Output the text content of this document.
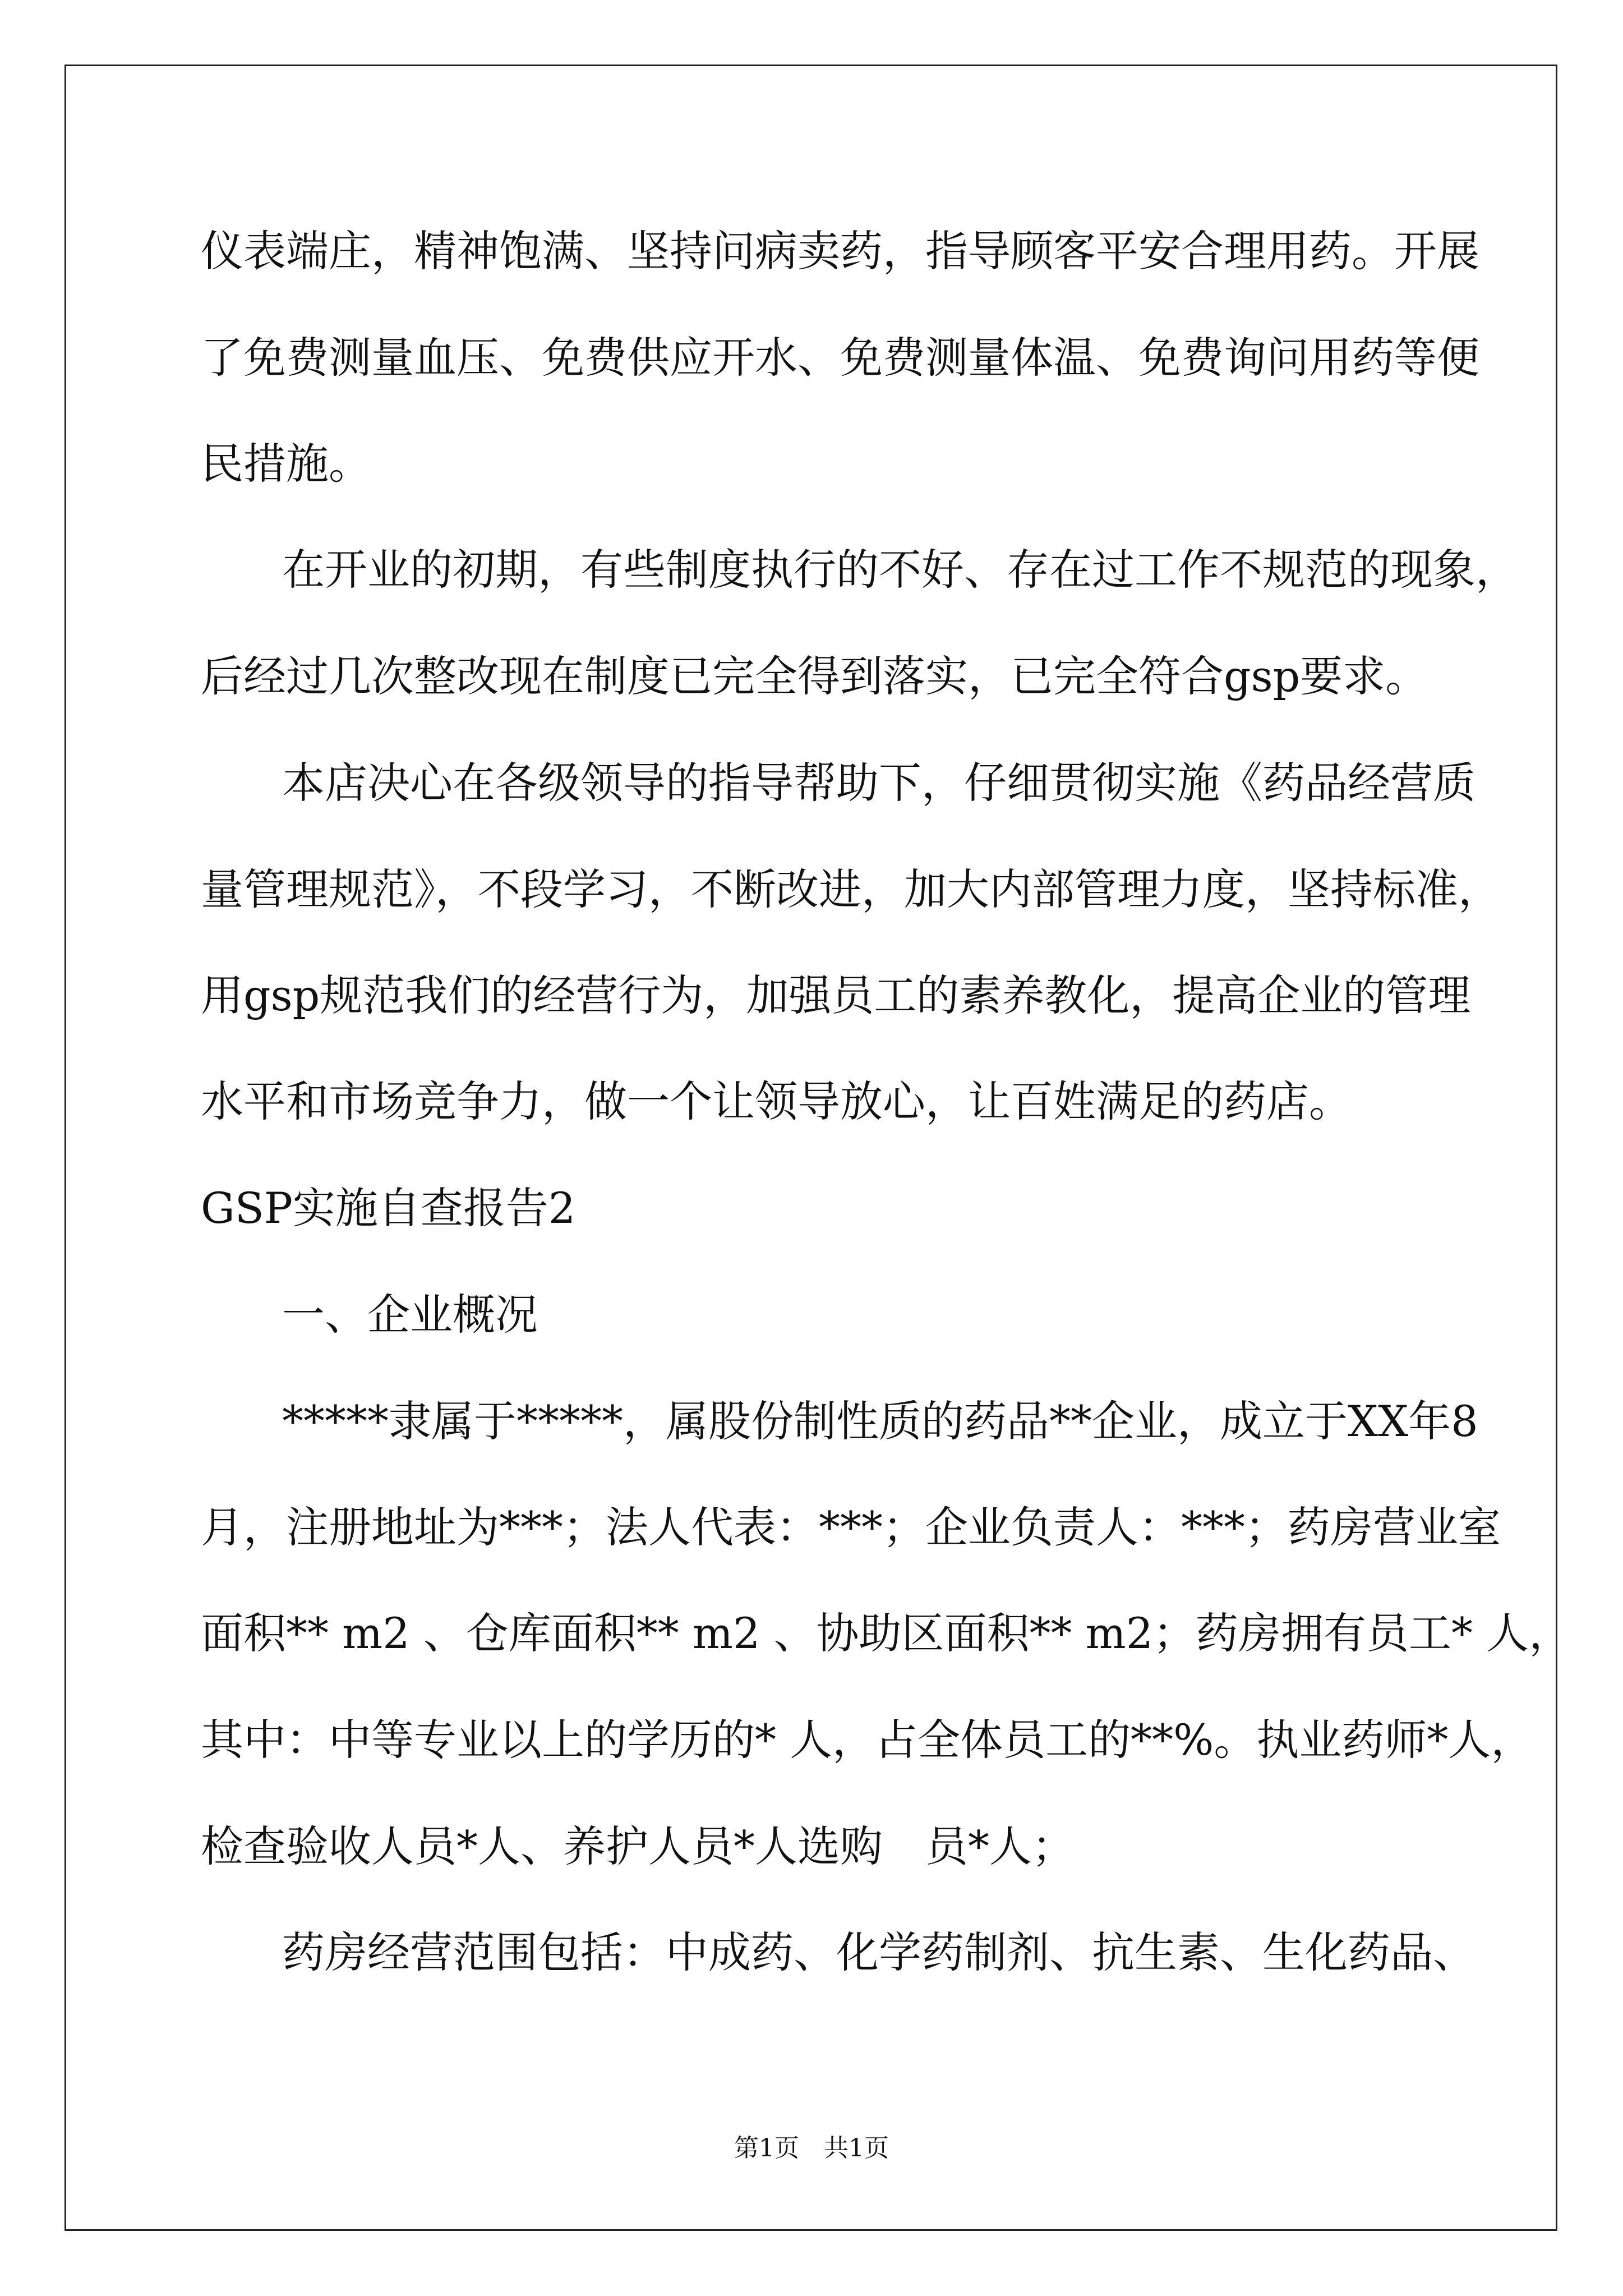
仪表端庄，精神饱满、坚持问病卖药，指导顾客平安合理用药。开展
了免费测量血压、免费供应开水、免费测量体温、免费询问用药等便
民措施。
在开业的初期，有些制度执行的不好、存在过工作不规范的现象，
后经过几次整改现在制度已完全得到落实，已完全符合gsp要求。
本店决心在各级领导的指导帮助下，仔细贯彻实施《药品经营质
量管理规范》，不段学习，不断改进，加大内部管理力度，坚持标准，
用gsp规范我们的经营行为，加强员工的素养教化，提高企业的管理
水平和市场竞争力，做一个让领导放心，让百姓满足的药店。
GSP实施自查报告2
一、企业概况
*****隶属于*****，属股份制性质的药品**企业，成立于XX年8
月，注册地址为***；法人代表：***；企业负责人：***；药房营业室
面积** m2 、仓库面积** m2 、协助区面积** m2；药房拥有员工* 人，
其中：中等专业以上的学历的* 人，占全体员工的**%。执业药师*人，
检查验收人员*人、养护人员*人选购　员*人；
药房经营范围包括：中成药、化学药制剂、抗生素、生化药品、
第1页　共1页
